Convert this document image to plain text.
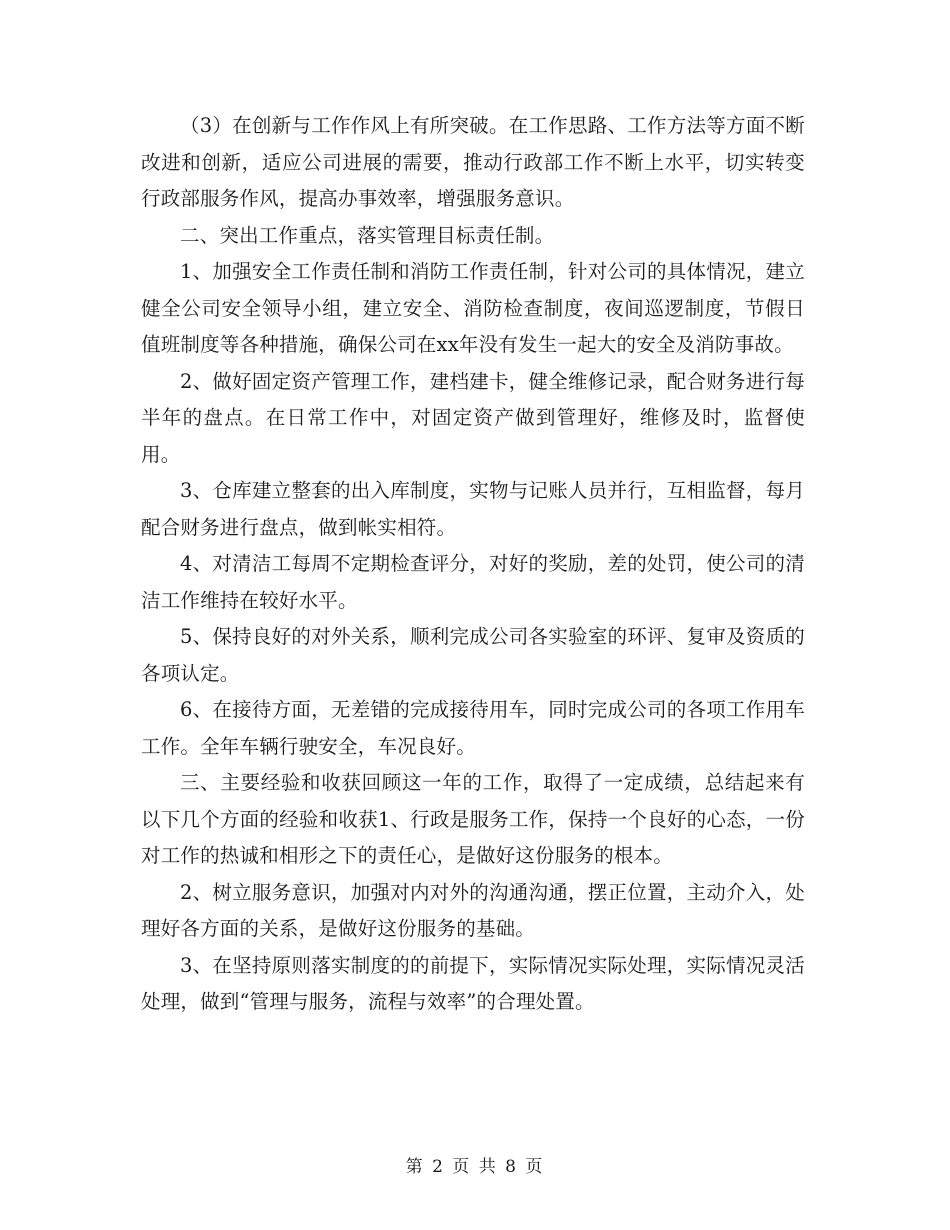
（3）在创新与工作作风上有所突破。在工作思路、工作方法等方面不断改进和创新，适应公司进展的需要，推动行政部工作不断上水平，切实转变行政部服务作风，提高办事效率，增强服务意识。

二、突出工作重点，落实管理目标责任制。

1、加强安全工作责任制和消防工作责任制，针对公司的具体情况，建立健全公司安全领导小组，建立安全、消防检查制度，夜间巡逻制度，节假日值班制度等各种措施，确保公司在xx年没有发生一起大的安全及消防事故。

2、做好固定资产管理工作，建档建卡，健全维修记录，配合财务进行每半年的盘点。在日常工作中，对固定资产做到管理好，维修及时，监督使用。

3、仓库建立整套的出入库制度，实物与记账人员并行，互相监督，每月配合财务进行盘点，做到帐实相符。

4、对清洁工每周不定期检查评分，对好的奖励，差的处罚，使公司的清洁工作维持在较好水平。

5、保持良好的对外关系，顺利完成公司各实验室的环评、复审及资质的各项认定。

6、在接待方面，无差错的完成接待用车，同时完成公司的各项工作用车工作。全年车辆行驶安全，车况良好。

三、主要经验和收获回顾这一年的工作，取得了一定成绩，总结起来有以下几个方面的经验和收获1、行政是服务工作，保持一个良好的心态，一份对工作的热诚和相形之下的责任心，是做好这份服务的根本。

2、树立服务意识，加强对内对外的沟通沟通，摆正位置，主动介入，处理好各方面的关系，是做好这份服务的基础。

3、在坚持原则落实制度的的前提下，实际情况实际处理，实际情况灵活处理，做到“管理与服务，流程与效率”的合理处置。

第 2 页 共 8 页
